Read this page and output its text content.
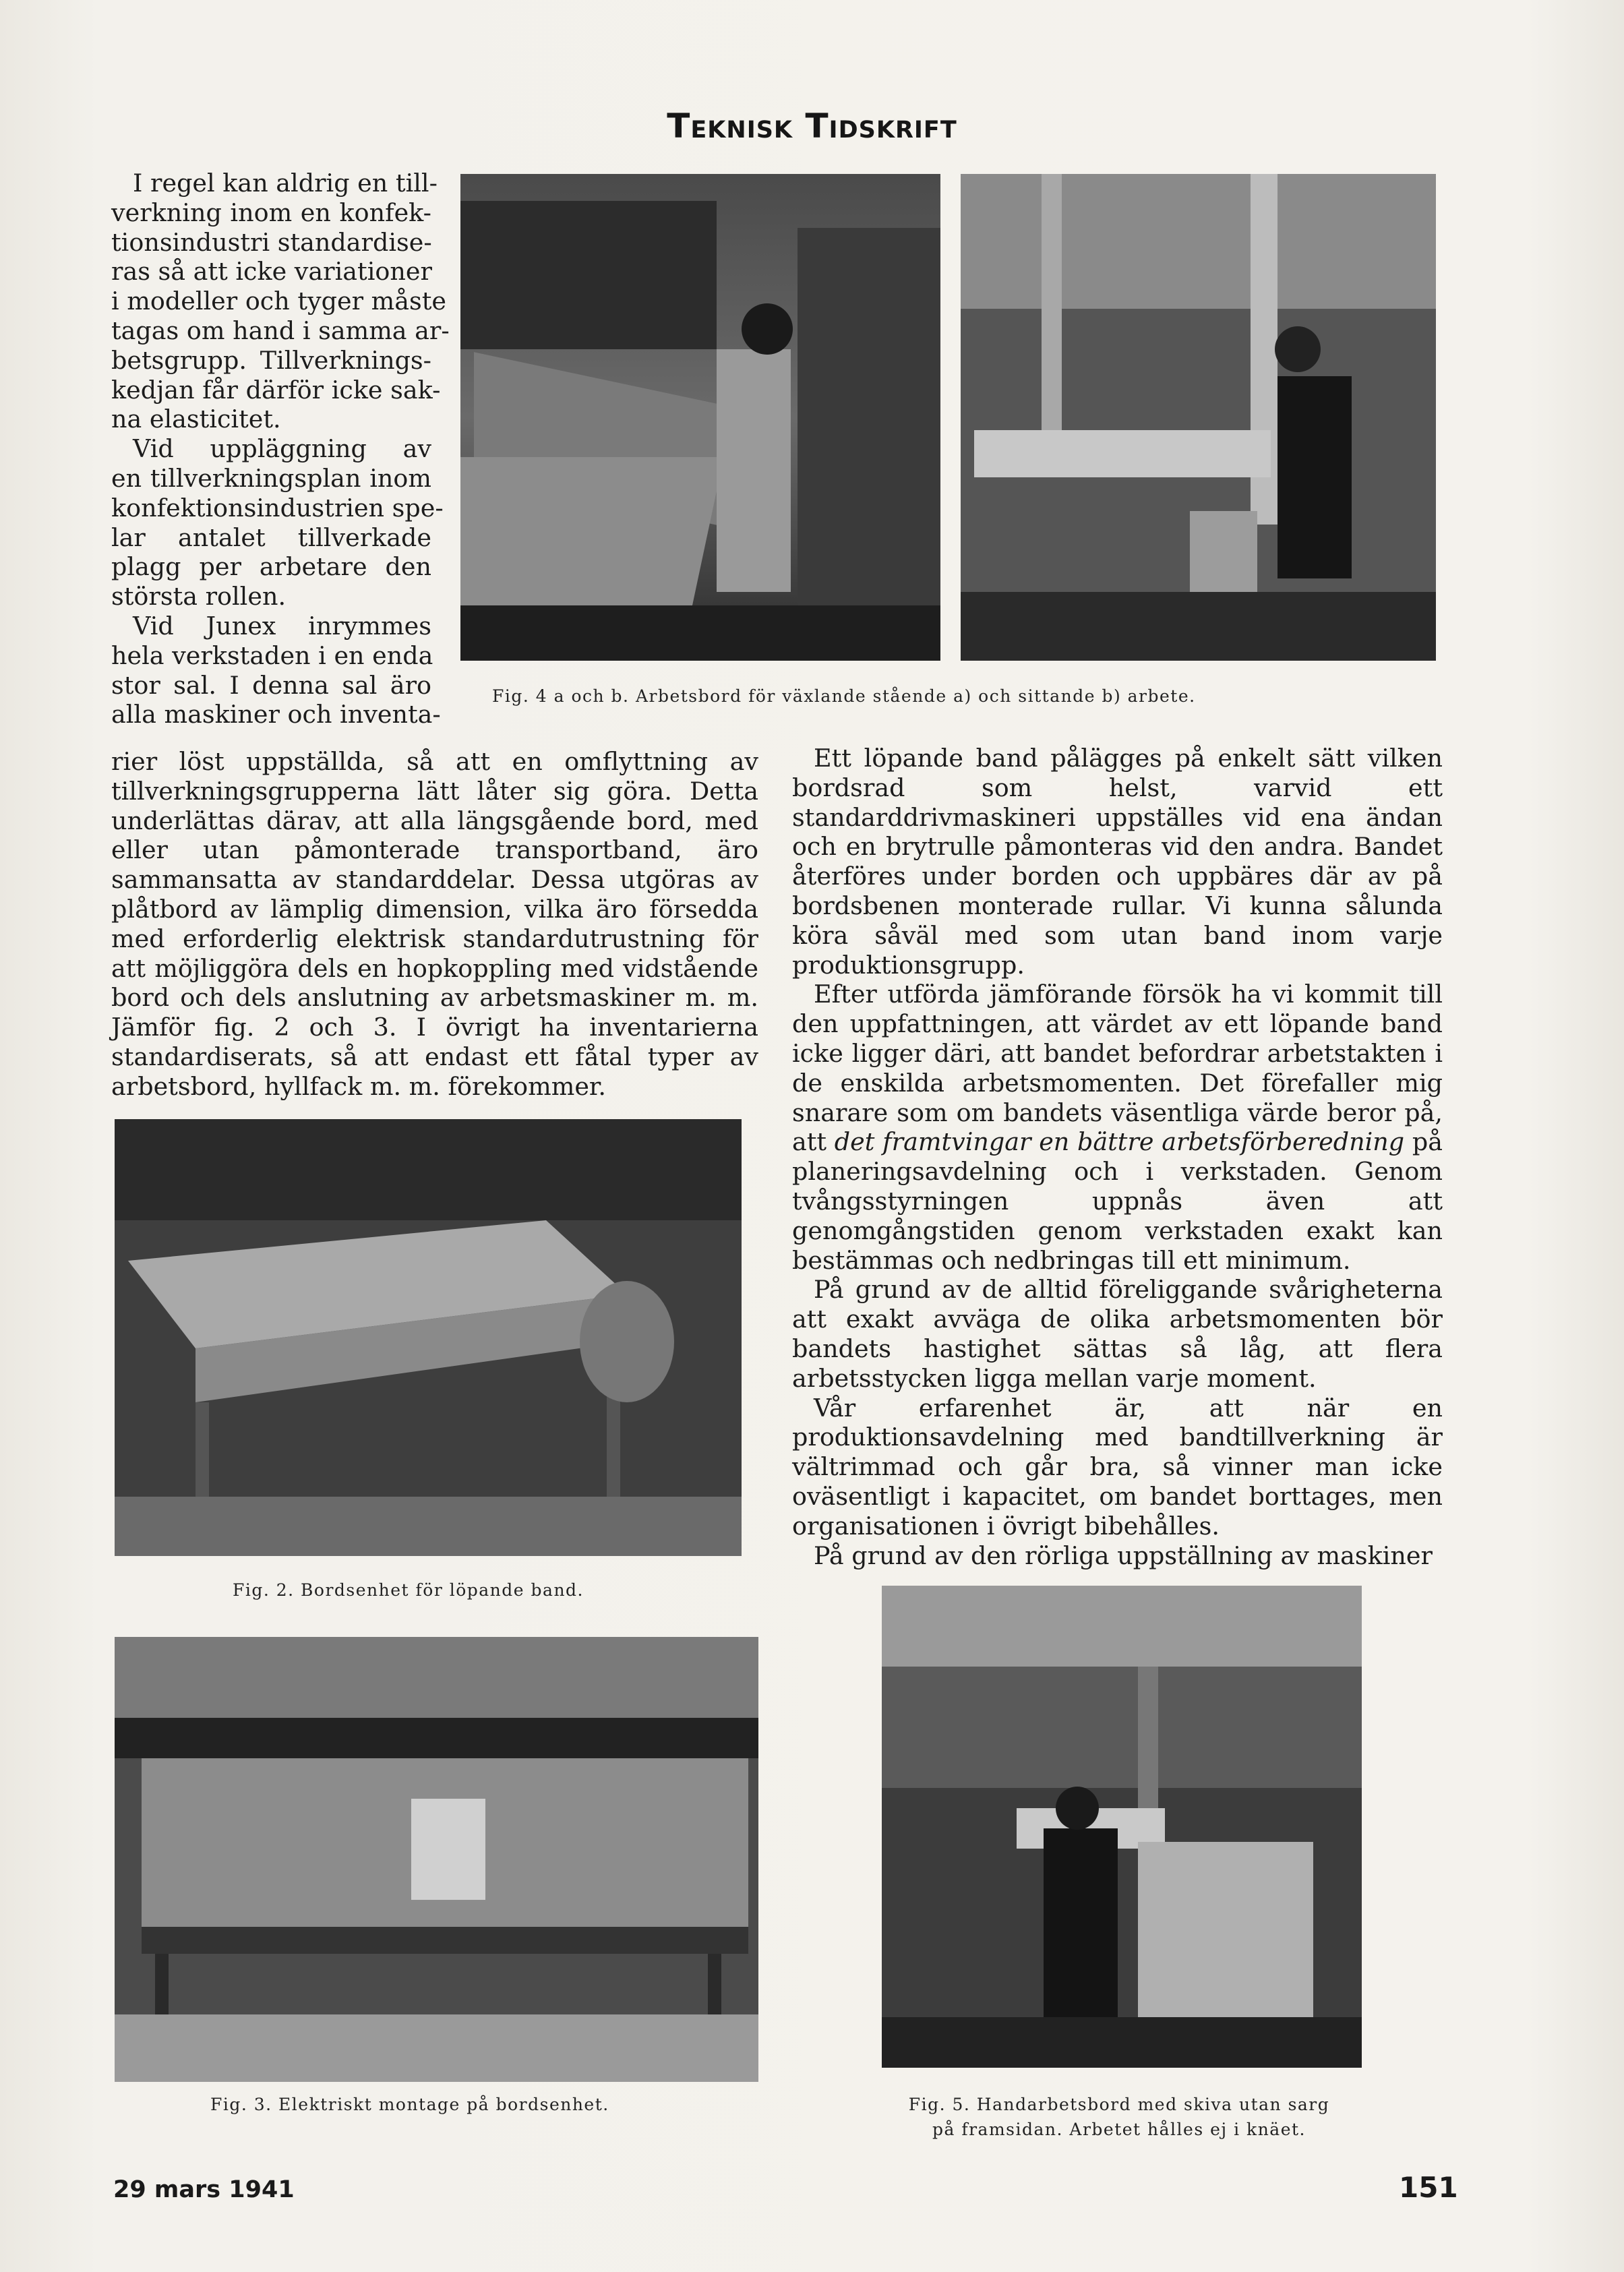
Teknisk Tidskrift
I regel kan aldrig en till-
verkning inom en konfek-
tionsindustri standardise-
ras så att icke variationer
i modeller och tyger måste
tagas om hand i samma ar-
betsgrupp. Tillverknings-
kedjan får därför icke sak-
na elasticitet.
Vid uppläggning av
en tillverkningsplan inom
konfektionsindustrien spe-
lar antalet tillverkade
plagg per arbetare den
största rollen.
Vid Junex inrymmes
hela verkstaden i en enda
stor sal. I denna sal äro
alla maskiner och inventa-
Fig. 4 a och b. Arbetsbord för växlande stående a) och sittande b) arbete.

rier löst uppställda, så att en omflyttning av tillverkningsgrupperna lätt låter sig göra. Detta underlättas därav, att alla längsgående bord, med eller utan påmonterade transportband, äro sammansatta av standarddelar. Dessa utgöras av plåtbord av lämplig dimension, vilka äro försedda med erforderlig elektrisk standardutrustning för att möjliggöra dels en hopkoppling med vidstående bord och dels anslutning av arbetsmaskiner m. m. Jämför fig. 2 och 3. I övrigt ha inventarierna standardiserats, så att endast ett fåtal typer av arbetsbord, hyllfack m. m. förekommer.

Fig. 2. Bordsenhet för löpande band.
Fig. 3. Elektriskt montage på bordsenhet.

Ett löpande band pålägges på enkelt sätt vilken bordsrad som helst, varvid ett standarddrivmaskineri uppställes vid ena ändan och en brytrulle påmonteras vid den andra. Bandet återföres under borden och uppbäres där av på bordsbenen monterade rullar. Vi kunna sålunda köra såväl med som utan band inom varje produktionsgrupp.

Efter utförda jämförande försök ha vi kommit till den uppfattningen, att värdet av ett löpande band icke ligger däri, att bandet befordrar arbetstakten i de enskilda arbetsmomenten. Det förefaller mig snarare som om bandets väsentliga värde beror på, att det framtvingar en bättre arbetsförberedning på planeringsavdelning och i verkstaden. Genom tvångsstyrningen uppnås även att genomgångstiden genom verkstaden exakt kan bestämmas och nedbringas till ett minimum.

På grund av de alltid föreliggande svårigheterna att exakt avväga de olika arbetsmomenten bör bandets hastighet sättas så låg, att flera arbetsstycken ligga mellan varje moment.

Vår erfarenhet är, att när en produktionsavdelning med bandtillverkning är vältrimmad och går bra, så vinner man icke oväsentligt i kapacitet, om bandet borttages, men organisationen i övrigt bibehålles.

På grund av den rörliga uppställning av maskiner

Fig. 5. Handarbetsbord med skiva utan sarg
på framsidan. Arbetet hålles ej i knäet.
29 mars 1941	151
